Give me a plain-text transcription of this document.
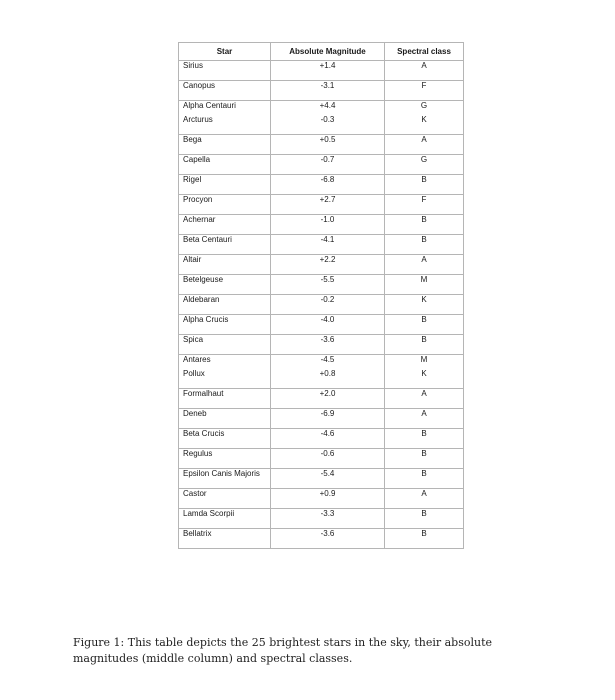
Star	Absolute Magnitude	Spectral class
Sirius	+1.4	A
Canopus	-3.1	F
Alpha Centauri	+4.4	G
Arcturus	-0.3	K
Bega	+0.5	A
Capella	-0.7	G
Rigel	-6.8	B
Procyon	+2.7	F
Achernar	-1.0	B
Beta Centauri	-4.1	B
Altair	+2.2	A
Betelgeuse	-5.5	M
Aldebaran	-0.2	K
Alpha Crucis	-4.0	B
Spica	-3.6	B
Antares	-4.5	M
Pollux	+0.8	K
Formalhaut	+2.0	A
Deneb	-6.9	A
Beta Crucis	-4.6	B
Regulus	-0.6	B
Epsilon Canis Majoris	-5.4	B
Castor	+0.9	A
Lamda Scorpii	-3.3	B
Bellatrix	-3.6	B
Figure 1: This table depicts the 25 brightest stars in the sky, their absolute magnitudes (middle column) and spectral classes.
